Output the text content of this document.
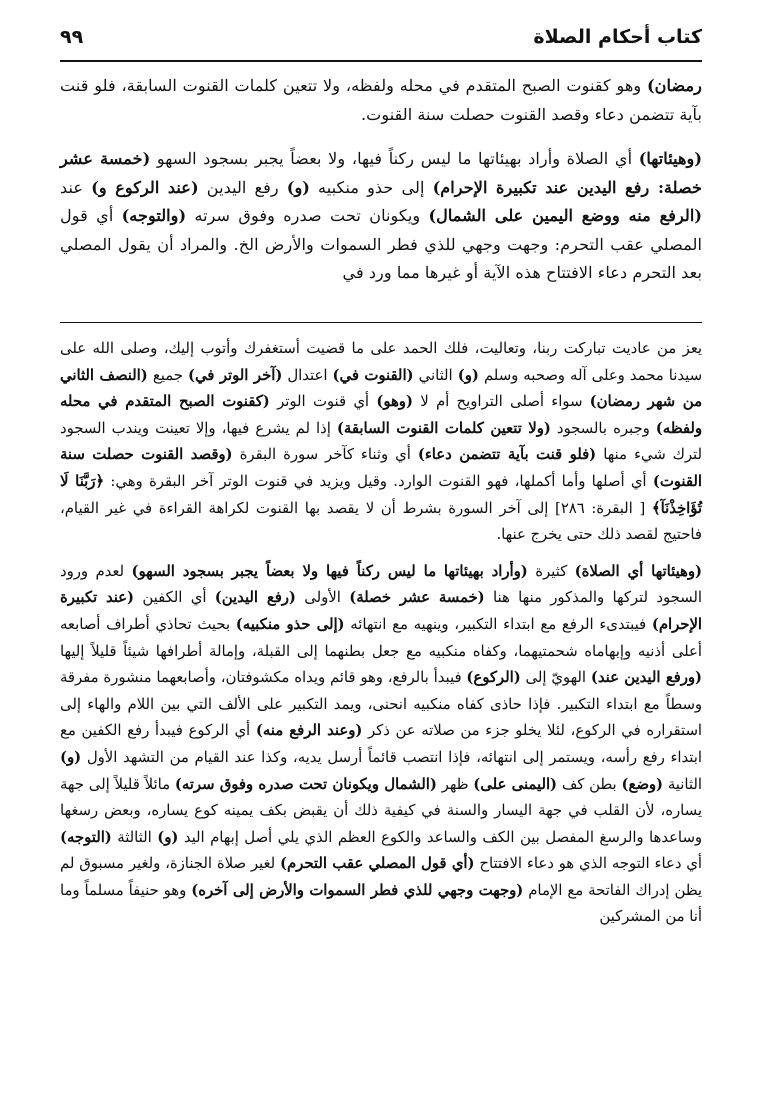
كتاب أحكام الصلاة
٩٩

رمضان) وهو كقنوت الصبح المتقدم في محله ولفظه، ولا تتعين كلمات القنوت السابقة، فلو قنت بآية تتضمن دعاء وقصد القنوت حصلت سنة القنوت.

(وهيئاتها) أي الصلاة وأراد بهيئاتها ما ليس ركناً فيها، ولا بعضاً يجبر بسجود السهو (خمسة عشر خصلة: رفع اليدين عند تكبيرة الإحرام) إلى حذو منكبيه (و) رفع اليدين (عند الركوع و) عند (الرفع منه ووضع اليمين على الشمال) ويكونان تحت صدره وفوق سرته (والتوجه) أي قول المصلي عقب التحرم: وجهت وجهي للذي فطر السموات والأرض الخ. والمراد أن يقول المصلي بعد التحرم دعاء الافتتاح هذه الآية أو غيرها مما ورد في

يعز من عاديت تباركت ربنا، وتعاليت، فلك الحمد على ما قضيت أستغفرك وأتوب إليك، وصلى الله على سيدنا محمد وعلى آله وصحبه وسلم (و) الثاني (القنوت في) اعتدال (آخر الوتر في) جميع (النصف الثاني من شهر رمضان) سواء أصلى التراويح أم لا (وهو) أي قنوت الوتر (كقنوت الصبح المتقدم في محله ولفظه) وجبره بالسجود (ولا تتعين كلمات القنوت السابقة) إذا لم يشرع فيها، وإلا تعينت ويندب السجود لترك شيء منها (فلو قنت بآية تتضمن دعاء) أي وثناء كآخر سورة البقرة (وقصد القنوت حصلت سنة القنوت) أي أصلها وأما أكملها، فهو القنوت الوارد. وقيل ويزيد في قنوت الوتر آخر البقرة وهي: ﴿رَبَّنَا لَا تُؤَاخِذْنَآ﴾ [ البقرة: ٢٨٦] إلى آخر السورة بشرط أن لا يقصد بها القنوت لكراهة القراءة في غير القيام، فاحتيج لقصد ذلك حتى يخرج عنها.

(وهيئاتها أي الصلاة) كثيرة (وأراد بهيئاتها ما ليس ركناً فيها ولا بعضاً يجبر بسجود السهو) لعدم ورود السجود لتركها والمذكور منها هنا (خمسة عشر خصلة) الأولى (رفع اليدين) أي الكفين (عند تكبيرة الإحرام) فيبتدىء الرفع مع ابتداء التكبير، وينهيه مع انتهائه (إلى حذو منكبيه) بحيث تحاذي أطراف أصابعه أعلى أذنيه وإبهاماه شحمتيهما، وكفاه منكبيه مع جعل بطنهما إلى القبلة، وإمالة أطرافها شيئاً قليلاً إليها (ورفع اليدين عند) الهويّ إلى (الركوع) فيبدأ بالرفع، وهو قائم ويداه مكشوفتان، وأصابعهما منشورة مفرقة وسطاً مع ابتداء التكبير. فإذا حاذى كفاه منكبيه انحنى، ويمد التكبير على الألف التي بين اللام والهاء إلى استقراره في الركوع، لئلا يخلو جزء من صلاته عن ذكر (وعند الرفع منه) أي الركوع فيبدأ رفع الكفين مع ابتداء رفع رأسه، ويستمر إلى انتهائه، فإذا انتصب قائماً أرسل يديه، وكذا عند القيام من التشهد الأول (و) الثانية (وضع) بطن كف (اليمنى على) ظهر (الشمال ويكونان تحت صدره وفوق سرته) مائلاً قليلاً إلى جهة يساره، لأن القلب في جهة اليسار والسنة في كيفية ذلك أن يقبض بكف يمينه كوع يساره، وبعض رسغها وساعدها والرسغ المفصل بين الكف والساعد والكوع العظم الذي يلي أصل إبهام اليد (و) الثالثة (التوجه) أي دعاء التوجه الذي هو دعاء الافتتاح (أي قول المصلي عقب التحرم) لغير صلاة الجنازة، ولغير مسبوق لم يظن إدراك الفاتحة مع الإمام (وجهت وجهي للذي فطر السموات والأرض إلى آخره) وهو حنيفاً مسلماً وما أنا من المشركين
